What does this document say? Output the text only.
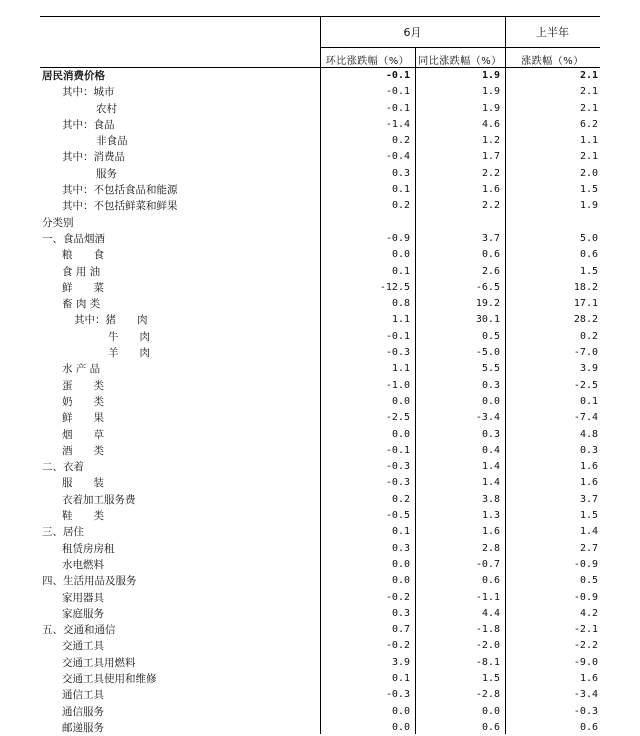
6月	上半年
环比涨跌幅（%） 同比涨跌幅（%）	涨跌幅（%）
居民消费价格	-0.1	1.9	2.1
其中：城市	-0.1	1.9	2.1
农村	-0.1	1.9	2.1
其中：食品	-1.4	4.6	6.2
非食品	0.2	1.2	1.1
其中：消费品	-0.4	1.7	2.1
服务	0.3	2.2	2.0
其中：不包括食品和能源	0.1	1.6	1.5
其中：不包括鲜菜和鲜果	0.2	2.2	1.9
分类别
一、食品烟酒	-0.9	3.7	5.0
粮　　食	0.0	0.6	0.6
食 用 油	0.1	2.6	1.5
鲜　　菜	-12.5	-6.5	18.2
畜 肉 类	0.8	19.2	17.1
其中：猪　　肉	1.1	30.1	28.2
牛　　肉	-0.1	0.5	0.2
羊　　肉	-0.3	-5.0	-7.0
水 产 品	1.1	5.5	3.9
蛋　　类	-1.0	0.3	-2.5
奶　　类	0.0	0.0	0.1
鲜　　果	-2.5	-3.4	-7.4
烟　　草	0.0	0.3	4.8
酒　　类	-0.1	0.4	0.3
二、衣着	-0.3	1.4	1.6
服　　装	-0.3	1.4	1.6
衣着加工服务费	0.2	3.8	3.7
鞋　　类	-0.5	1.3	1.5
三、居住	0.1	1.6	1.4
租赁房房租	0.3	2.8	2.7
水电燃料	0.0	-0.7	-0.9
四、生活用品及服务	0.0	0.6	0.5
家用器具	-0.2	-1.1	-0.9
家庭服务	0.3	4.4	4.2
五、交通和通信	0.7	-1.8	-2.1
交通工具	-0.2	-2.0	-2.2
交通工具用燃料	3.9	-8.1	-9.0
交通工具使用和维修	0.1	1.5	1.6
通信工具	-0.3	-2.8	-3.4
通信服务	0.0	0.0	-0.3
邮递服务	0.0	0.6	0.6
